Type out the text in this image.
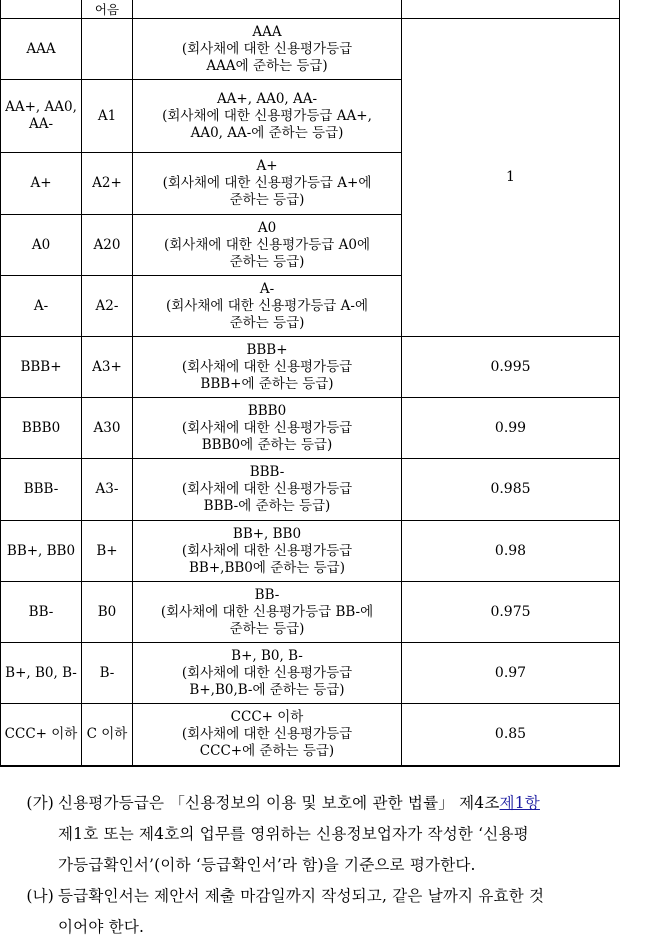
	어음		
AAA		AAA
(회사채에 대한 신용평가등급
AAA에 준하는 등급)	1
AA+, AA0, AA-	A1	AA+, AA0, AA-
(회사채에 대한 신용평가등급 AA+,
AA0, AA-에 준하는 등급)	

A+	A2+	A+
(회사채에 대한 신용평가등급 A+에
준하는 등급)	

A0	A20	A0
(회사채에 대한 신용평가등급 A0에
준하는 등급)	

A-	A2-	A-
(회사채에 대한 신용평가등급 A-에
준하는 등급)	

BBB+	A3+	BBB+
(회사채에 대한 신용평가등급
BBB+에 준하는 등급)	0.995
BBB0	A30	BBB0
(회사채에 대한 신용평가등급
BBB0에 준하는 등급)	0.99
BBB-	A3-	BBB-
(회사채에 대한 신용평가등급
BBB-에 준하는 등급)	0.985
BB+, BB0	B+	BB+, BB0
(회사채에 대한 신용평가등급
BB+,BB0에 준하는 등급)	0.98
BB-	B0	BB-
(회사채에 대한 신용평가등급 BB-에
준하는 등급)	0.975
B+, B0, B-	B-	B+, B0, B-
(회사채에 대한 신용평가등급
B+,B0,B-에 준하는 등급)	0.97
CCC+ 이하	C 이하	CCC+ 이하
(회사채에 대한 신용평가등급
CCC+에 준하는 등급)	0.85
(가) 신용평가등급은 「신용정보의 이용 및 보호에 관한 법률」 제4조제1항
제1호 또는 제4호의 업무를 영위하는 신용정보업자가 작성한 ‘신용평
가등급확인서’(이하 ‘등급확인서’라 함)을 기준으로 평가한다.
(나) 등급확인서는 제안서 제출 마감일까지 작성되고, 같은 날까지 유효한 것
이어야 한다.
